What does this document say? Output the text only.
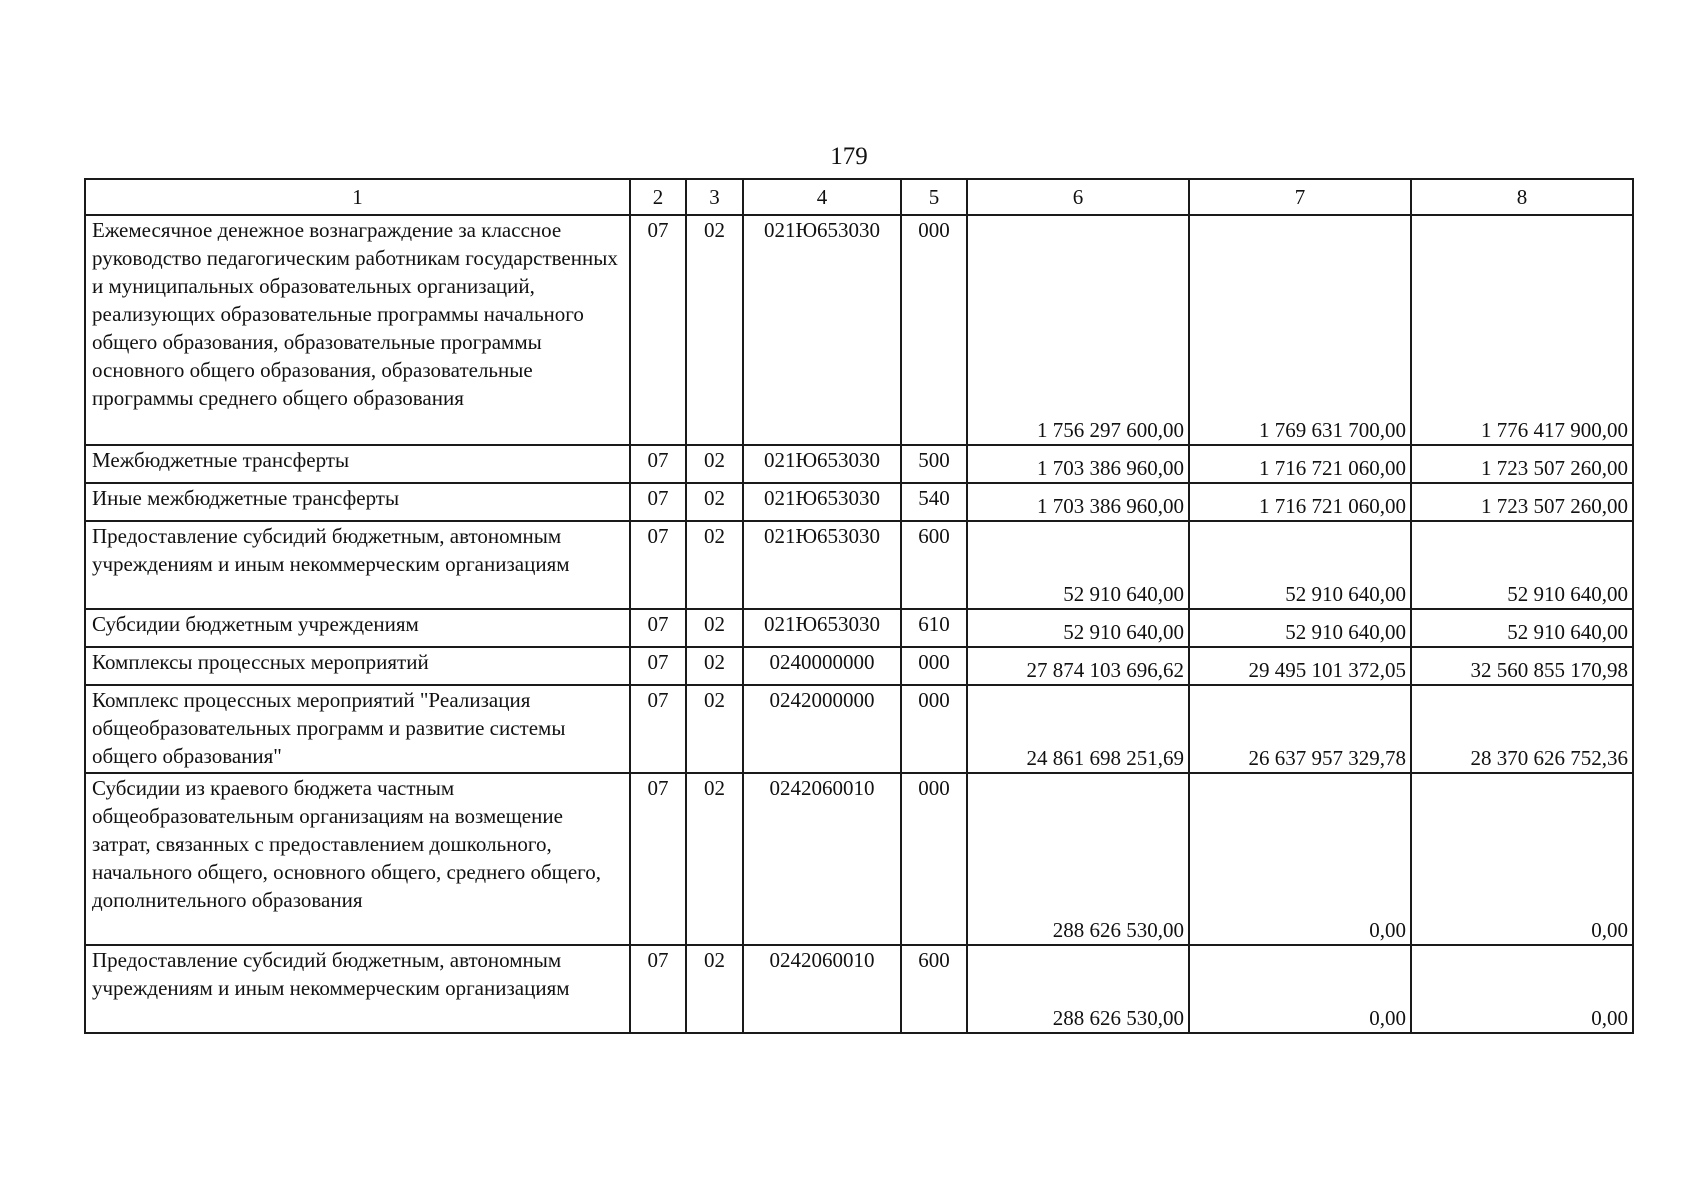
179
1	2	3	4	5	6	7	8
Ежемесячное денежное вознаграждение за классное руководство педагогическим работникам государственных и муниципальных образовательных организаций, реализующих образовательные программы начального общего образования, образовательные программы основного общего образования, образовательные программы среднего общего образования	07	02	021Ю653030	000	1 756 297 600,00	1 769 631 700,00	1 776 417 900,00

Межбюджетные трансферты	07	02	021Ю653030	500	1 703 386 960,00	1 716 721 060,00	1 723 507 260,00

Иные межбюджетные трансферты	07	02	021Ю653030	540	1 703 386 960,00	1 716 721 060,00	1 723 507 260,00

Предоставление субсидий бюджетным, автономным учреждениям и иным некоммерческим организациям	07	02	021Ю653030	600	52 910 640,00	52 910 640,00	52 910 640,00

Субсидии бюджетным учреждениям	07	02	021Ю653030	610	52 910 640,00	52 910 640,00	52 910 640,00

Комплексы процессных мероприятий	07	02	0240000000	000	27 874 103 696,62	29 495 101 372,05	32 560 855 170,98

Комплекс процессных мероприятий "Реализация общеобразовательных программ и развитие системы общего образования"	07	02	0242000000	000	24 861 698 251,69	26 637 957 329,78	28 370 626 752,36

Субсидии из краевого бюджета частным общеобразовательным организациям на возмещение затрат, связанных с предоставлением дошкольного, начального общего, основного общего, среднего общего, дополнительного образования	07	02	0242060010	000	288 626 530,00	0,00	0,00

Предоставление субсидий бюджетным, автономным учреждениям и иным некоммерческим организациям	07	02	0242060010	600	288 626 530,00	0,00	0,00
